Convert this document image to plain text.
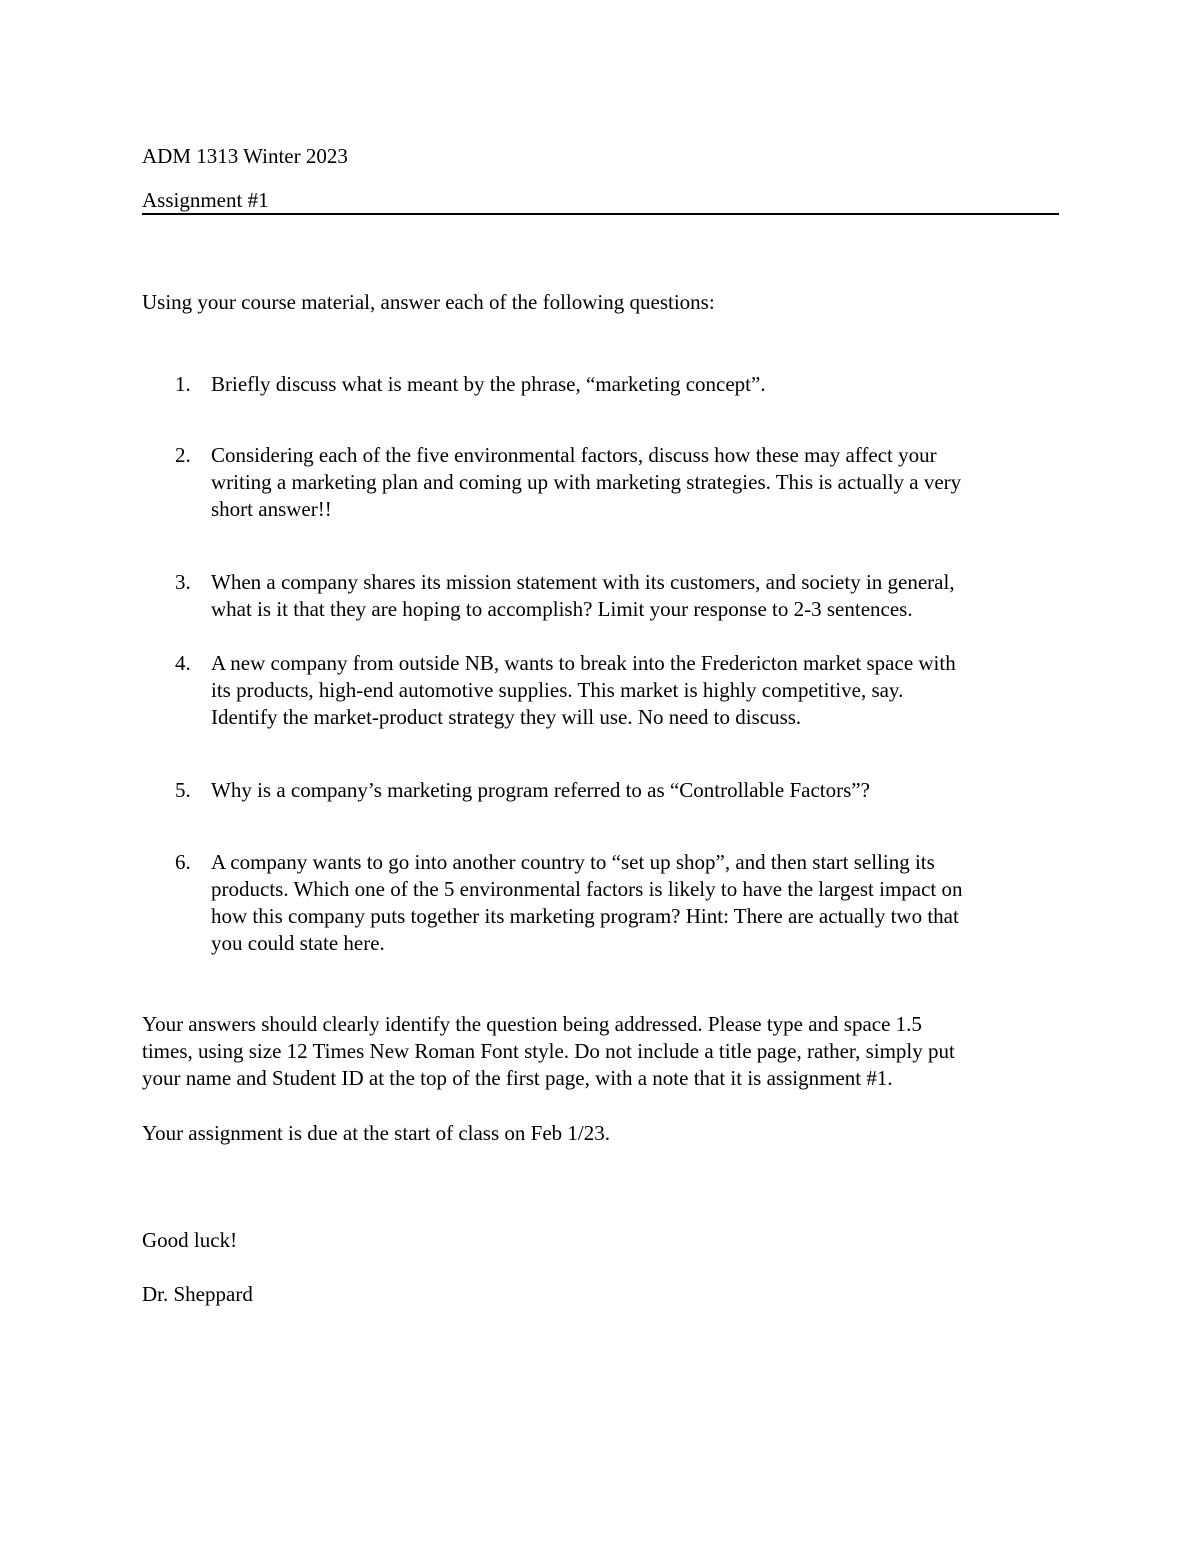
ADM 1313 Winter 2023
Assignment #1
Using your course material, answer each of the following questions:
1. Briefly discuss what is meant by the phrase, “marketing concept”.
2. Considering each of the five environmental factors, discuss how these may affect your
writing a marketing plan and coming up with marketing strategies. This is actually a very
short answer!!
3. When a company shares its mission statement with its customers, and society in general,
what is it that they are hoping to accomplish? Limit your response to 2-3 sentences.
4. A new company from outside NB, wants to break into the Fredericton market space with
its products, high-end automotive supplies. This market is highly competitive, say.
Identify the market-product strategy they will use. No need to discuss.
5. Why is a company’s marketing program referred to as “Controllable Factors”?
6. A company wants to go into another country to “set up shop”, and then start selling its
products. Which one of the 5 environmental factors is likely to have the largest impact on
how this company puts together its marketing program? Hint: There are actually two that
you could state here.
Your answers should clearly identify the question being addressed. Please type and space 1.5
times, using size 12 Times New Roman Font style. Do not include a title page, rather, simply put
your name and Student ID at the top of the first page, with a note that it is assignment #1.
Your assignment is due at the start of class on Feb 1/23.

Good luck!

Dr. Sheppard
